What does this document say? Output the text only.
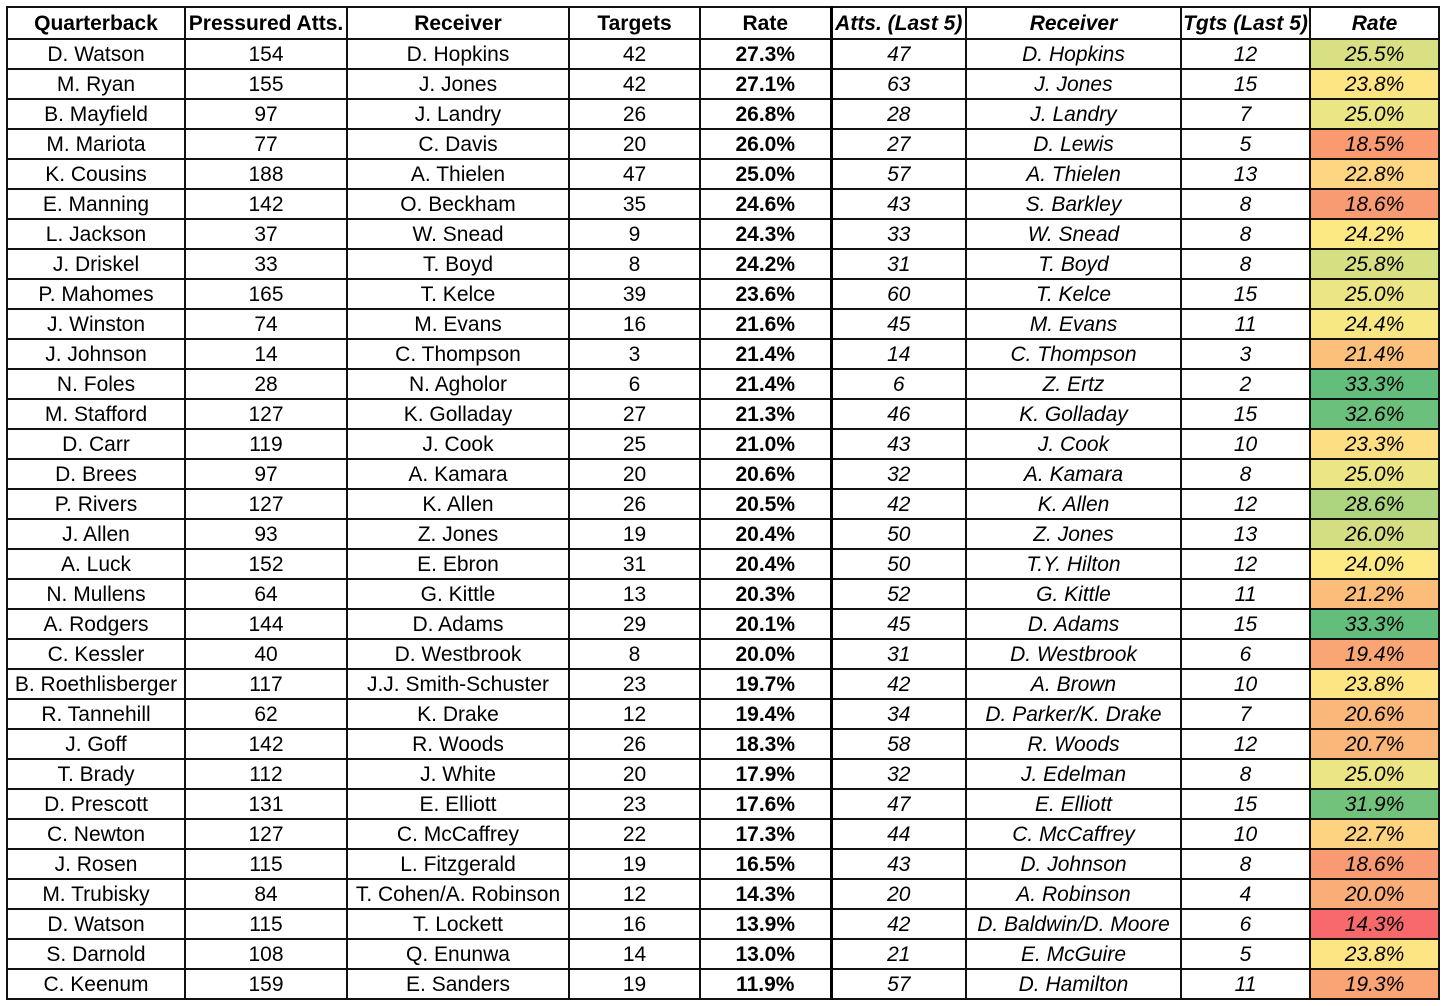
Quarterback	Pressured Atts.	Receiver	Targets	Rate	Atts. (Last 5)	Receiver	Tgts (Last 5)	Rate
D. Watson	154	D. Hopkins	42	27.3%	47	D. Hopkins	12	25.5%
M. Ryan	155	J. Jones	42	27.1%	63	J. Jones	15	23.8%
B. Mayfield	97	J. Landry	26	26.8%	28	J. Landry	7	25.0%
M. Mariota	77	C. Davis	20	26.0%	27	D. Lewis	5	18.5%
K. Cousins	188	A. Thielen	47	25.0%	57	A. Thielen	13	22.8%
E. Manning	142	O. Beckham	35	24.6%	43	S. Barkley	8	18.6%
L. Jackson	37	W. Snead	9	24.3%	33	W. Snead	8	24.2%
J. Driskel	33	T. Boyd	8	24.2%	31	T. Boyd	8	25.8%
P. Mahomes	165	T. Kelce	39	23.6%	60	T. Kelce	15	25.0%
J. Winston	74	M. Evans	16	21.6%	45	M. Evans	11	24.4%
J. Johnson	14	C. Thompson	3	21.4%	14	C. Thompson	3	21.4%
N. Foles	28	N. Agholor	6	21.4%	6	Z. Ertz	2	33.3%
M. Stafford	127	K. Golladay	27	21.3%	46	K. Golladay	15	32.6%
D. Carr	119	J. Cook	25	21.0%	43	J. Cook	10	23.3%
D. Brees	97	A. Kamara	20	20.6%	32	A. Kamara	8	25.0%
P. Rivers	127	K. Allen	26	20.5%	42	K. Allen	12	28.6%
J. Allen	93	Z. Jones	19	20.4%	50	Z. Jones	13	26.0%
A. Luck	152	E. Ebron	31	20.4%	50	T.Y. Hilton	12	24.0%
N. Mullens	64	G. Kittle	13	20.3%	52	G. Kittle	11	21.2%
A. Rodgers	144	D. Adams	29	20.1%	45	D. Adams	15	33.3%
C. Kessler	40	D. Westbrook	8	20.0%	31	D. Westbrook	6	19.4%
B. Roethlisberger	117	J.J. Smith-Schuster	23	19.7%	42	A. Brown	10	23.8%
R. Tannehill	62	K. Drake	12	19.4%	34	D. Parker/K. Drake	7	20.6%
J. Goff	142	R. Woods	26	18.3%	58	R. Woods	12	20.7%
T. Brady	112	J. White	20	17.9%	32	J. Edelman	8	25.0%
D. Prescott	131	E. Elliott	23	17.6%	47	E. Elliott	15	31.9%
C. Newton	127	C. McCaffrey	22	17.3%	44	C. McCaffrey	10	22.7%
J. Rosen	115	L. Fitzgerald	19	16.5%	43	D. Johnson	8	18.6%
M. Trubisky	84	T. Cohen/A. Robinson	12	14.3%	20	A. Robinson	4	20.0%
D. Watson	115	T. Lockett	16	13.9%	42	D. Baldwin/D. Moore	6	14.3%
S. Darnold	108	Q. Enunwa	14	13.0%	21	E. McGuire	5	23.8%
C. Keenum	159	E. Sanders	19	11.9%	57	D. Hamilton	11	19.3%
